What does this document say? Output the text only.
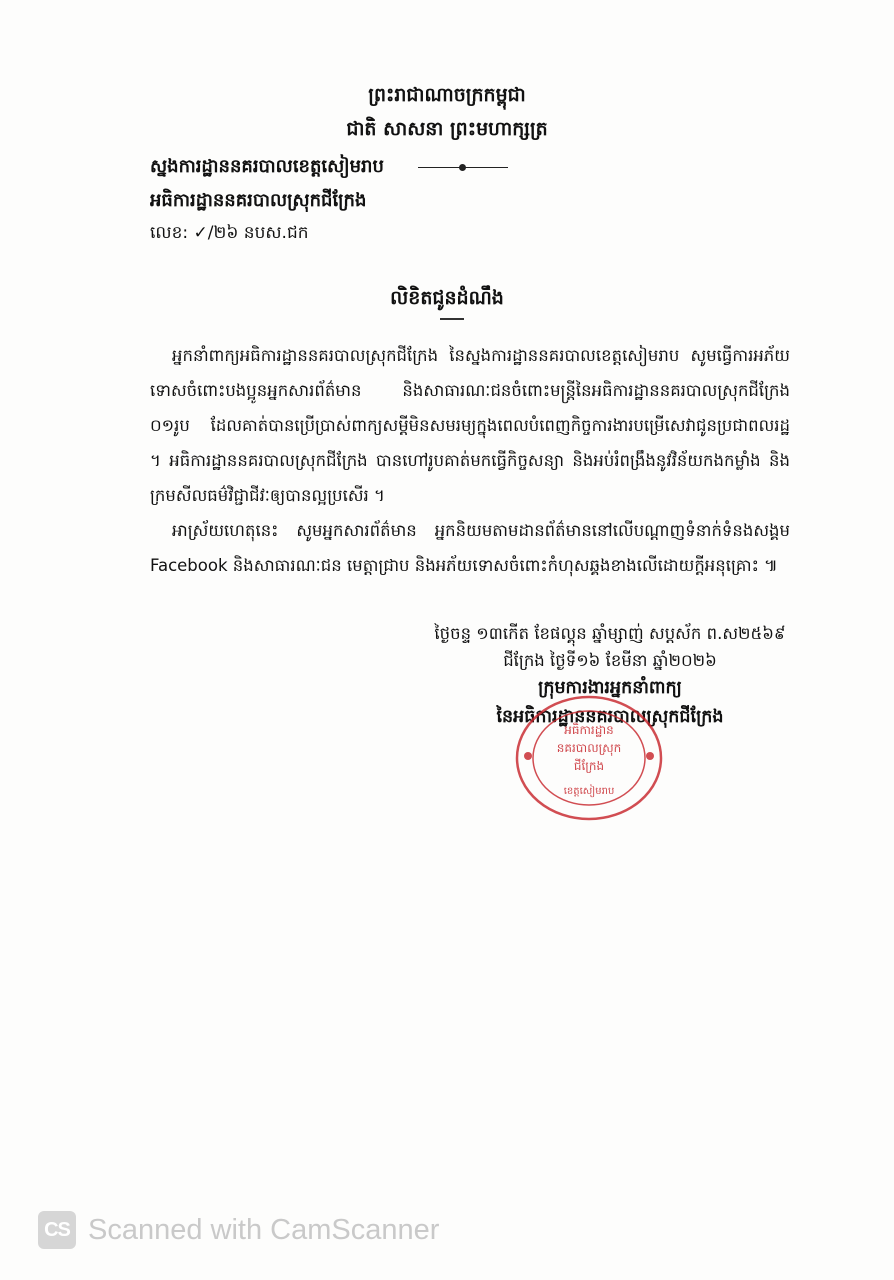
ព្រះរាជាណាចក្រកម្ពុជា
ជាតិ សាសនា ព្រះមហាក្សត្រ
ស្នងការដ្ឋាននគរបាលខេត្តសៀមរាប
អធិការដ្ឋាននគរបាលស្រុកជីក្រែង
លេខ: ✓/២៦ នបស.ជក
លិខិតជូនដំណឹង

អ្នកនាំពាក្យអធិការដ្ឋាននគរបាលស្រុកជីក្រែង នៃស្នងការដ្ឋាននគរបាលខេត្តសៀមរាប សូមធ្វើការអភ័យទោសចំពោះបងប្អូនអ្នកសារព័ត៌មាន និងសាធារណៈជនចំពោះមន្ត្រីនៃអធិការដ្ឋាននគរបាលស្រុកជីក្រែង ០១រូប ដែលគាត់បានប្រើប្រាស់ពាក្យសម្ដីមិនសមរម្យក្នុងពេលបំពេញកិច្ចការងារបម្រើសេវាជូនប្រជាពលរដ្ឋ ។ អធិការដ្ឋាននគរបាលស្រុកជីក្រែង បានហៅរូបគាត់មកធ្វើកិច្ចសន្យា និងអប់រំពង្រឹងនូវវិន័យកងកម្លាំង និងក្រមសីលធម៌វិជ្ជាជីវៈឲ្យបានល្អប្រសើរ ។

អាស្រ័យហេតុនេះ សូមអ្នកសារព័ត៌មាន អ្នកនិយមតាមដានព័ត៌មាននៅលើបណ្ដាញទំនាក់ទំនងសង្គម Facebook និងសាធារណៈជន មេត្តាជ្រាប និងអភ័យទោសចំពោះកំហុសឆ្គងខាងលើដោយក្ដីអនុគ្រោះ ៕

ថ្ងៃចន្ទ ១៣កើត ខែផល្គុន ឆ្នាំម្សាញ់ សប្តស័ក ព.ស២៥៦៩
ជីក្រែង ថ្ងៃទី១៦ ខែមីនា ឆ្នាំ២០២៦
ក្រុមការងារអ្នកនាំពាក្យ
នៃអធិការដ្ឋាននគរបាលស្រុកជីក្រែង
អធិការដ្ឋាន
នគរបាលស្រុក
ជីក្រែង
ខេត្តសៀមរាប
CS Scanned with CamScanner
